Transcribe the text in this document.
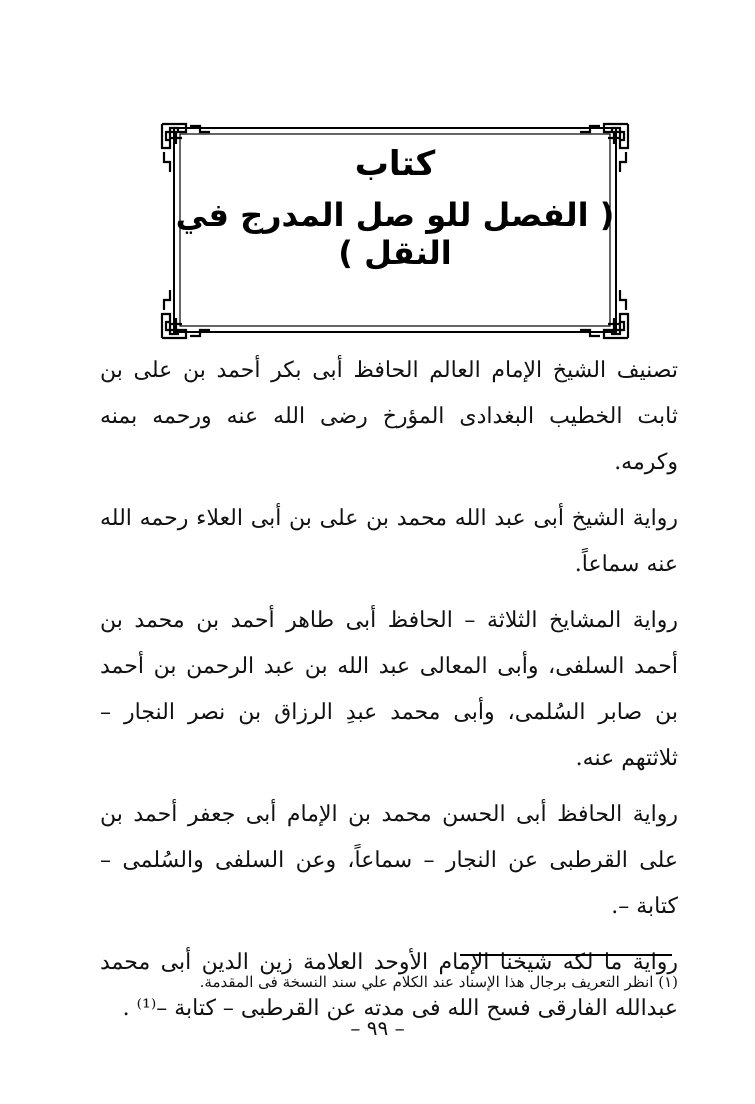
كتاب
( الفصل للو صل المدرج في النقل )

تصنيف الشيخ الإمام العالم الحافظ أبى بكر أحمد بن على بن ثابت الخطيب البغدادى المؤرخ رضى الله عنه ورحمه بمنه وكرمه.

رواية الشيخ أبى عبد الله محمد بن على بن أبى العلاء رحمه الله عنه سماعاً.

رواية المشايخ الثلاثة – الحافظ أبى طاهر أحمد بن محمد بن أحمد السلفى، وأبى المعالى عبد الله بن عبد الرحمن بن أحمد بن صابر السُلمى، وأبى محمد عبدِ الرزاق بن نصر النجار – ثلاثتهم عنه.

رواية الحافظ أبى الحسن محمد بن الإمام أبى جعفر أحمد بن على القرطبى عن النجار – سماعاً، وعن السلفى والسُلمى – كتابة –.

رواية ما لكه شيخنا الإمام الأوحد العلامة زين الدين أبى محمد عبدالله الفارقى فسح الله فى مدته عن القرطبى – كتابة –⁽¹⁾ .

(١) انظر التعريف برجال هذا الإسناد عند الكلام علي سند النسخة فى المقدمة.
– ٩٩ –
